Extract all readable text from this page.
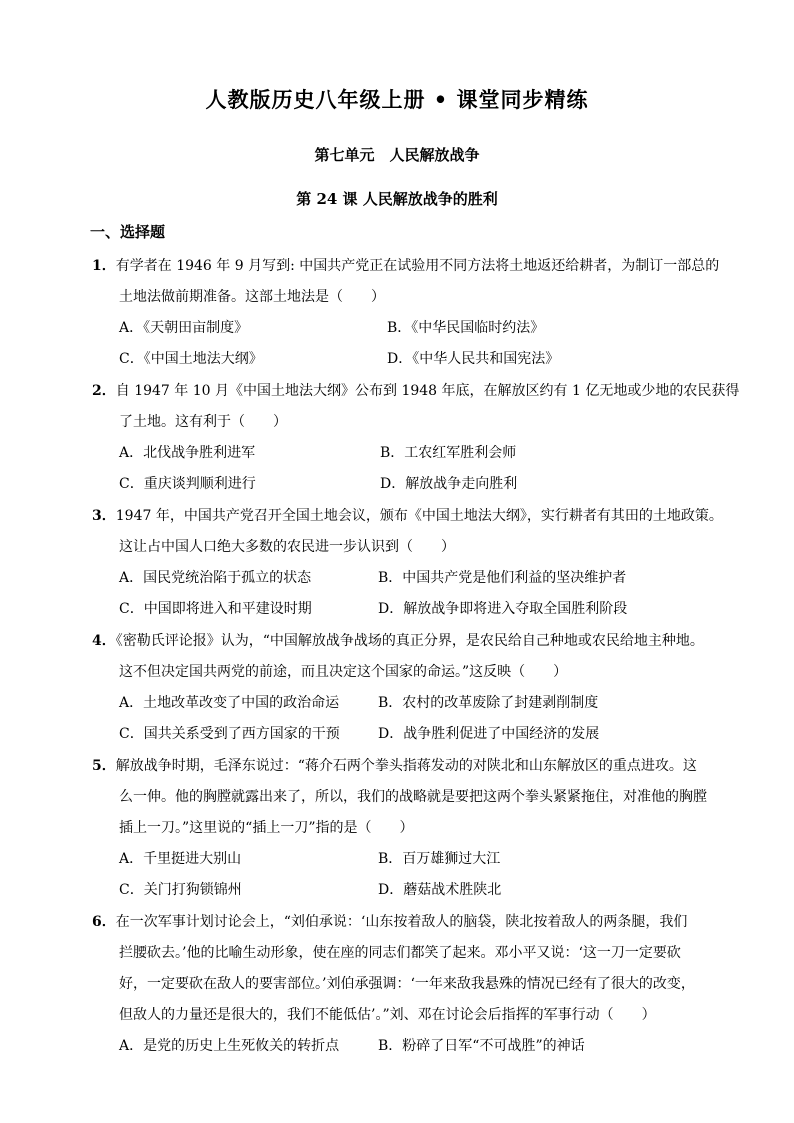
人教版历史八年级上册 • 课堂同步精练
第七单元　人民解放战争
第 24 课 人民解放战争的胜利
一、选择题
1．有学者在 1946 年 9 月写到: 中国共产党正在试验用不同方法将土地返还给耕者，为制订一部总的
土地法做前期准备。这部土地法是（　　）
A．《天朝田亩制度》	B．《中华民国临时约法》
C．《中国土地法大纲》	D．《中华人民共和国宪法》
2．自 1947 年 10 月《中国土地法大纲》公布到 1948 年底，在解放区约有 1 亿无地或少地的农民获得
了土地。这有利于（　　）
A．北伐战争胜利进军	B．工农红军胜利会师
C．重庆谈判顺利进行	D．解放战争走向胜利
3．1947 年，中国共产党召开全国土地会议，颁布《中国土地法大纲》，实行耕者有其田的土地政策。
这让占中国人口绝大多数的农民进一步认识到（　　）
A．国民党统治陷于孤立的状态	B．中国共产党是他们利益的坚决维护者
C．中国即将进入和平建设时期	D．解放战争即将进入夺取全国胜利阶段
4．《密勒氏评论报》认为，“中国解放战争战场的真正分界，是农民给自己种地或农民给地主种地。
这不但决定国共两党的前途，而且决定这个国家的命运。”这反映（　　）
A．土地改革改变了中国的政治命运	B．农村的改革废除了封建剥削制度
C．国共关系受到了西方国家的干预	D．战争胜利促进了中国经济的发展
5．解放战争时期，毛泽东说过：“蒋介石两个拳头指蒋发动的对陕北和山东解放区的重点进攻。这
么一伸。他的胸膛就露出来了，所以，我们的战略就是要把这两个拳头紧紧拖住，对准他的胸膛
插上一刀。”这里说的“插上一刀”指的是（　　）
A．千里挺进大别山	B．百万雄狮过大江
C．关门打狗锁锦州	D．蘑菇战术胜陕北
6．在一次军事计划讨论会上，“刘伯承说：‘山东按着敌人的脑袋，陕北按着敌人的两条腿，我们
拦腰砍去。’他的比喻生动形象，使在座的同志们都笑了起来。邓小平又说：‘这一刀一定要砍
好，一定要砍在敌人的要害部位。’刘伯承强调：‘一年来敌我悬殊的情况已经有了很大的改变，
但敌人的力量还是很大的，我们不能低估’。”刘、邓在讨论会后指挥的军事行动（　　）
A．是党的历史上生死攸关的转折点	B．粉碎了日军“不可战胜”的神话
